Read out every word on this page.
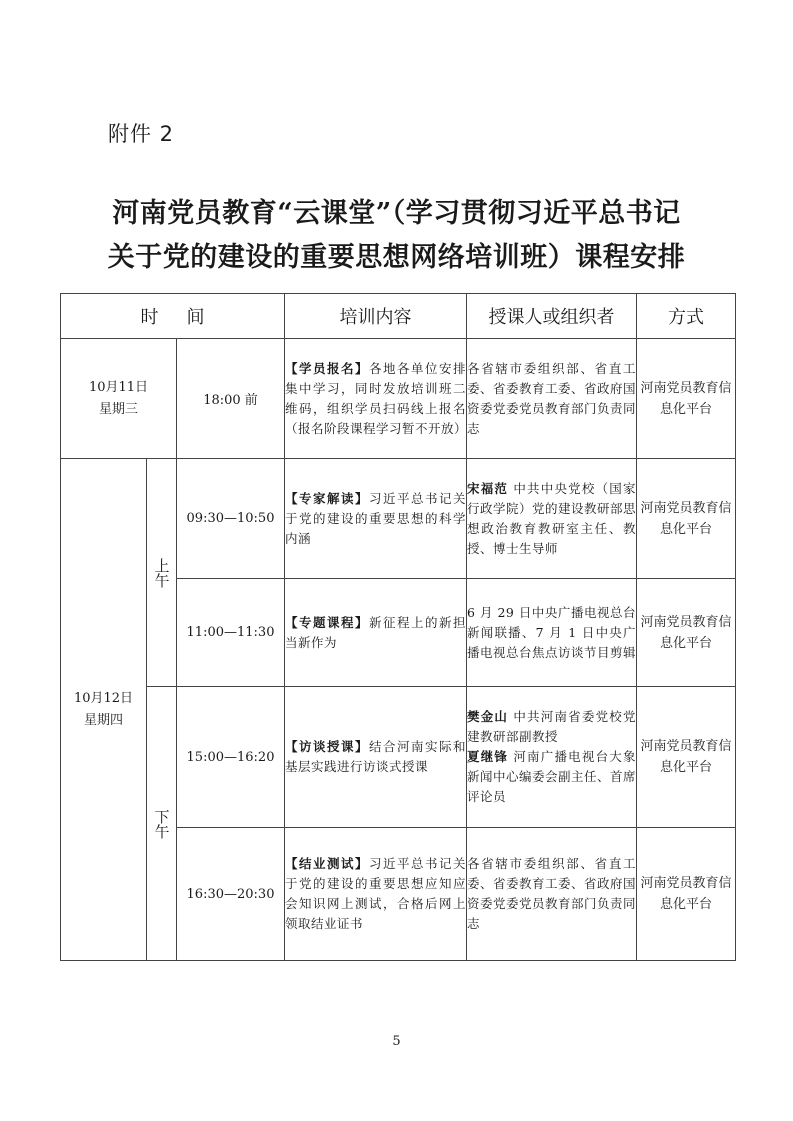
附件 2
河南党员教育“云课堂”（学习贯彻习近平总书记
关于党的建设的重要思想网络培训班）课程安排
时间			培训内容	授课人或组织者	方式

10月11日
星期三		18:00 前	【学员报名】各地各单位安排集中学习，同时发放培训班二维码，组织学员扫码线上报名（报名阶段课程学习暂不开放）	各省辖市委组织部、省直工委、省委教育工委、省政府国资委党委党员教育部门负责同志	河南党员教育信息化平台

10月12日
星期四	上午	09:30—10:50	【专家解读】习近平总书记关于党的建设的重要思想的科学内涵	宋福范 中共中央党校（国家行政学院）党的建设教研部思想政治教育教研室主任、教授、博士生导师	河南党员教育信息化平台
		11:00—11:30	【专题课程】新征程上的新担当新作为	6 月 29 日中央广播电视总台新闻联播、7 月 1 日中央广播电视总台焦点访谈节目剪辑	河南党员教育信息化平台
	下午	15:00—16:20	【访谈授课】结合河南实际和基层实践进行访谈式授课	樊金山 中共河南省委党校党建教研部副教授
夏继锋 河南广播电视台大象新闻中心编委会副主任、首席评论员	河南党员教育信息化平台
		16:30—20:30	【结业测试】习近平总书记关于党的建设的重要思想应知应会知识网上测试，合格后网上领取结业证书	各省辖市委组织部、省直工委、省委教育工委、省政府国资委党委党员教育部门负责同志	河南党员教育信息化平台
5
